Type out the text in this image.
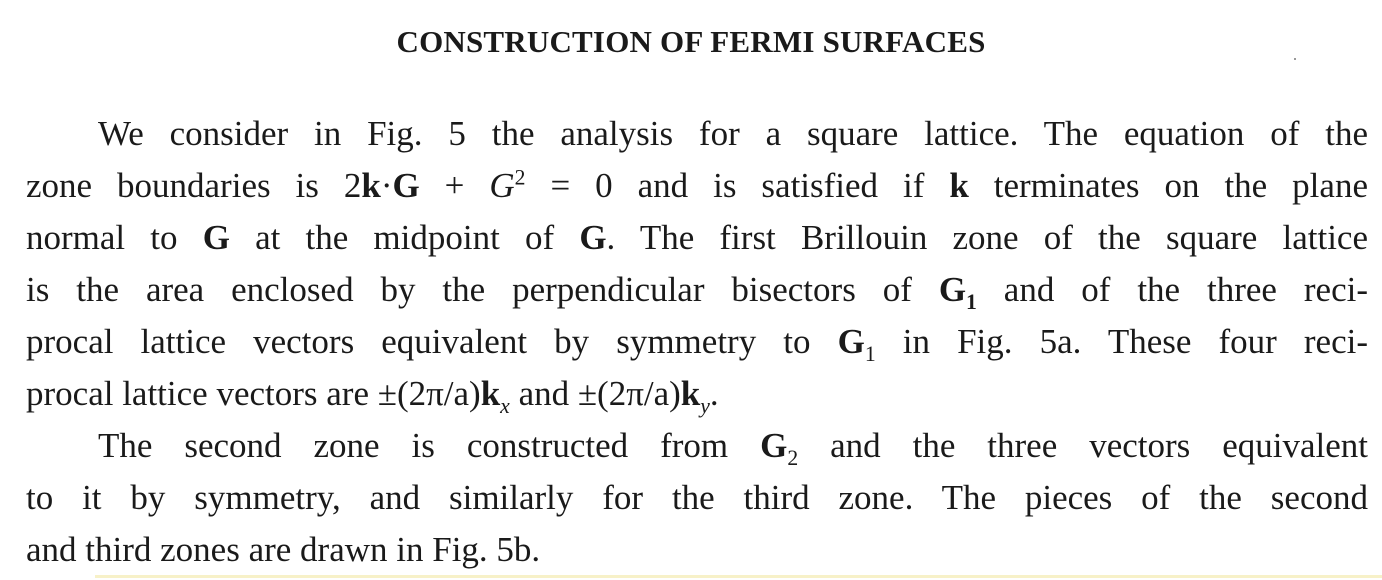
CONSTRUCTION OF FERMI SURFACES
We consider in Fig. 5 the analysis for a square lattice. The equation of the
zone boundaries is $2k\cdot G + G^2 = 0$ and is satisfied if k terminates on the plane
normal to G at the midpoint of G. The first Brillouin zone of the square lattice
is the area enclosed by the perpendicular bisectors of $G_1$ and of the three reci-
procal lattice vectors equivalent by symmetry to $G_1$ in Fig. 5a. These four reci-
procal lattice vectors are $\pm(2\pi/a)k_x$ and $\pm(2\pi/a)k_y$.
The second zone is constructed from $G_2$ and the three vectors equivalent
to it by symmetry, and similarly for the third zone. The pieces of the second
and third zones are drawn in Fig. 5b.
